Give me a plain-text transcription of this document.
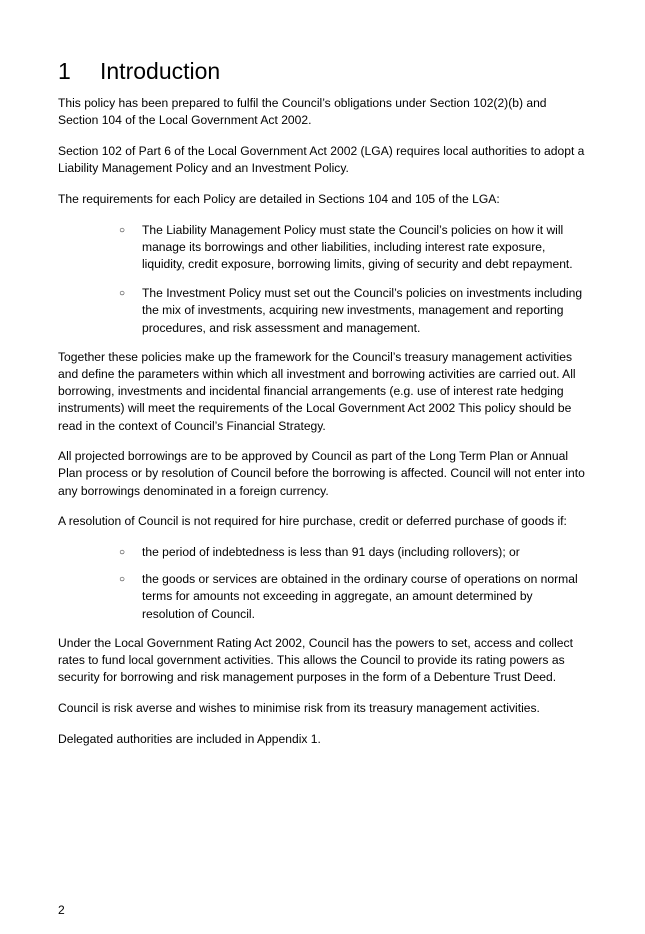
1 Introduction

This policy has been prepared to fulfil the Council’s obligations under Section 102(2)(b) and Section 104 of the Local Government Act 2002.

Section 102 of Part 6 of the Local Government Act 2002 (LGA) requires local authorities to adopt a Liability Management Policy and an Investment Policy.

The requirements for each Policy are detailed in Sections 104 and 105 of the LGA:

○ The Liability Management Policy must state the Council’s policies on how it will manage its borrowings and other liabilities, including interest rate exposure, liquidity, credit exposure, borrowing limits, giving of security and debt repayment.
○ The Investment Policy must set out the Council’s policies on investments including the mix of investments, acquiring new investments, management and reporting procedures, and risk assessment and management.

Together these policies make up the framework for the Council’s treasury management activities and define the parameters within which all investment and borrowing activities are carried out. All borrowing, investments and incidental financial arrangements (e.g. use of interest rate hedging instruments) will meet the requirements of the Local Government Act 2002 This policy should be read in the context of Council’s Financial Strategy.

All projected borrowings are to be approved by Council as part of the Long Term Plan or Annual Plan process or by resolution of Council before the borrowing is affected. Council will not enter into any borrowings denominated in a foreign currency.

A resolution of Council is not required for hire purchase, credit or deferred purchase of goods if:

○ the period of indebtedness is less than 91 days (including rollovers); or
○ the goods or services are obtained in the ordinary course of operations on normal terms for amounts not exceeding in aggregate, an amount determined by resolution of Council.

Under the Local Government Rating Act 2002, Council has the powers to set, access and collect rates to fund local government activities. This allows the Council to provide its rating powers as security for borrowing and risk management purposes in the form of a Debenture Trust Deed.

Council is risk averse and wishes to minimise risk from its treasury management activities.

Delegated authorities are included in Appendix 1.

2
